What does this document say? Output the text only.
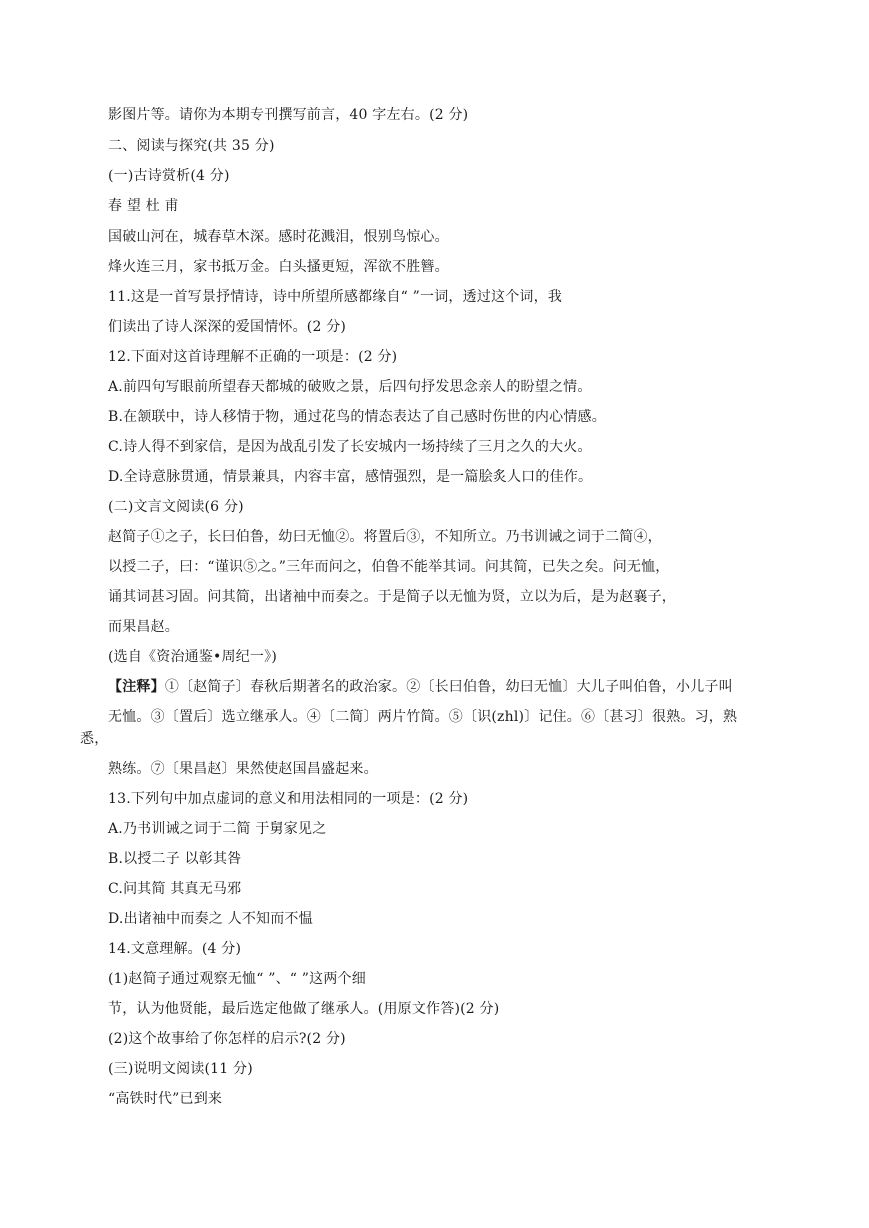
影图片等。请你为本期专刊撰写前言，40 字左右。(2 分)
二、阅读与探究(共 35 分)
(一)古诗赏析(4 分)
春 望 杜 甫
国破山河在，城春草木深。感时花溅泪，恨别鸟惊心。
烽火连三月，家书抵万金。白头搔更短，浑欲不胜簪。
11.这是一首写景抒情诗，诗中所望所感都缘自“ ”一词，透过这个词，我
们读出了诗人深深的爱国情怀。(2 分)
12.下面对这首诗理解不正确的一项是：(2 分)
A.前四句写眼前所望春天都城的破败之景，后四句抒发思念亲人的盼望之情。
B.在颔联中，诗人移情于物，通过花鸟的情态表达了自己感时伤世的内心情感。
C.诗人得不到家信，是因为战乱引发了长安城内一场持续了三月之久的大火。
D.全诗意脉贯通，情景兼具，内容丰富，感情强烈，是一篇脍炙人口的佳作。
(二)文言文阅读(6 分)
赵简子①之子，长曰伯鲁，幼曰无恤②。将置后③，不知所立。乃书训诫之词于二简④，
以授二子，曰：“谨识⑤之。”三年而问之，伯鲁不能举其词。问其简，已失之矣。问无恤，
诵其词甚习固。问其简，出诸袖中而奏之。于是简子以无恤为贤，立以为后，是为赵襄子，
而果昌赵。
(选自《资治通鉴•周纪一》)
【注释】①〔赵简子〕春秋后期著名的政治家。②〔长曰伯鲁，幼曰无恤〕大儿子叫伯鲁，小儿子叫
无恤。③〔置后〕选立继承人。④〔二简〕两片竹简。⑤〔识(zhl)〕记住。⑥〔甚习〕很熟。习，熟
悉，
熟练。⑦〔果昌赵〕果然使赵国昌盛起来。
13.下列句中加点虚词的意义和用法相同的一项是：(2 分)
A.乃书训诫之词于二简 于舅家见之
B.以授二子 以彰其咎
C.问其简 其真无马邪
D.出诸袖中而奏之 人不知而不愠
14.文意理解。(4 分)
(1)赵简子通过观察无恤“ ”、“ ”这两个细
节，认为他贤能，最后选定他做了继承人。(用原文作答)(2 分)
(2)这个故事给了你怎样的启示?(2 分)
(三)说明文阅读(11 分)
“高铁时代”已到来
